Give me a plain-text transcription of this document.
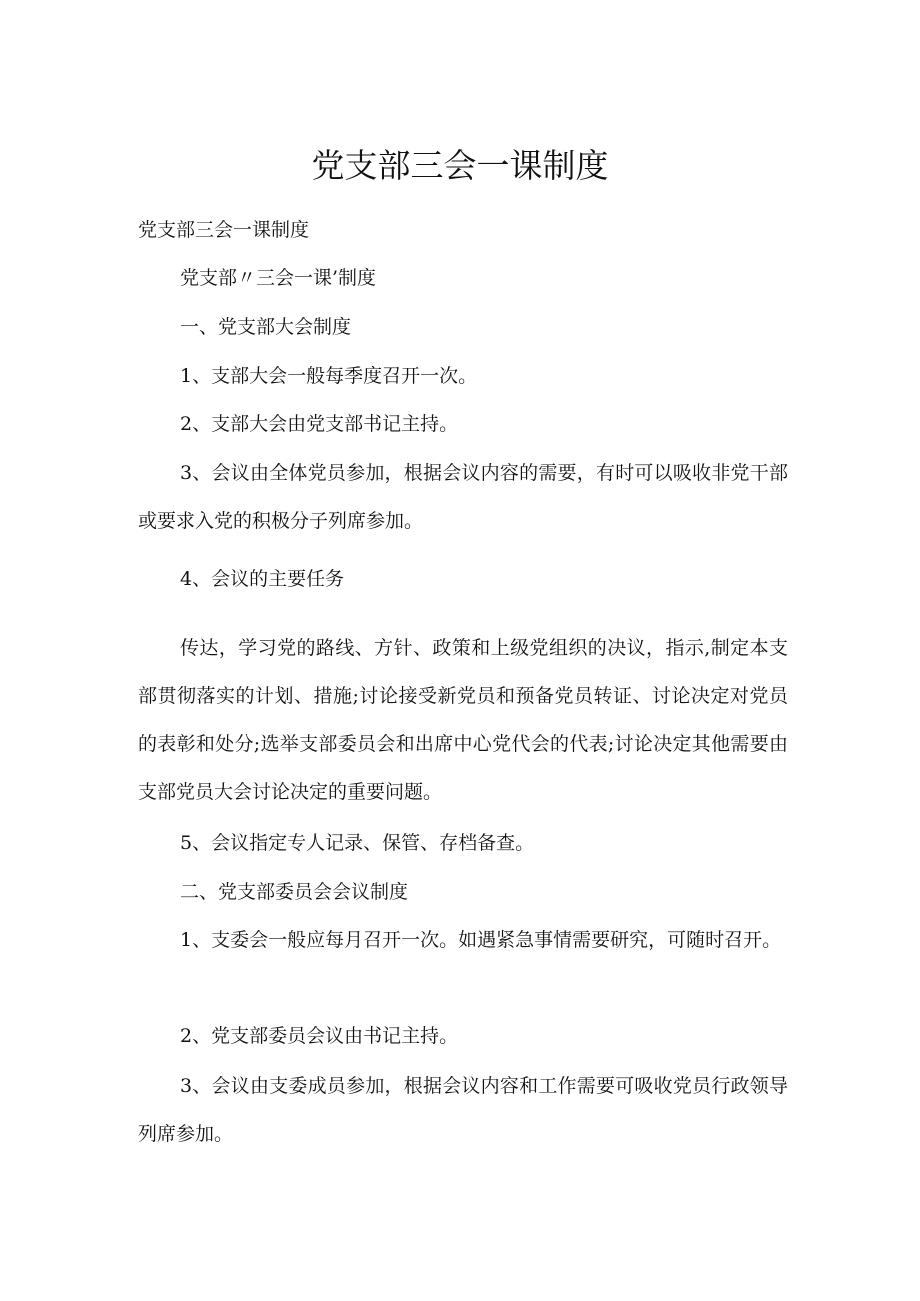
党支部三会一课制度

党支部三会一课制度

党支部〃三会一课’制度

一、党支部大会制度

1、支部大会一般每季度召开一次。

2、支部大会由党支部书记主持。

3、会议由全体党员参加，根据会议内容的需要，有时可以吸收非党干部或要求入党的积极分子列席参加。

4、会议的主要任务

传达，学习党的路线、方针、政策和上级党组织的决议，指示,制定本支部贯彻落实的计划、措施;讨论接受新党员和预备党员转证、讨论决定对党员的表彰和处分;选举支部委员会和出席中心党代会的代表;讨论决定其他需要由支部党员大会讨论决定的重要问题。

5、会议指定专人记录、保管、存档备查。

二、党支部委员会会议制度

1、支委会一般应每月召开一次。如遇紧急事情需要研究，可随时召开。

2、党支部委员会议由书记主持。

3、会议由支委成员参加，根据会议内容和工作需要可吸收党员行政领导列席参加。
